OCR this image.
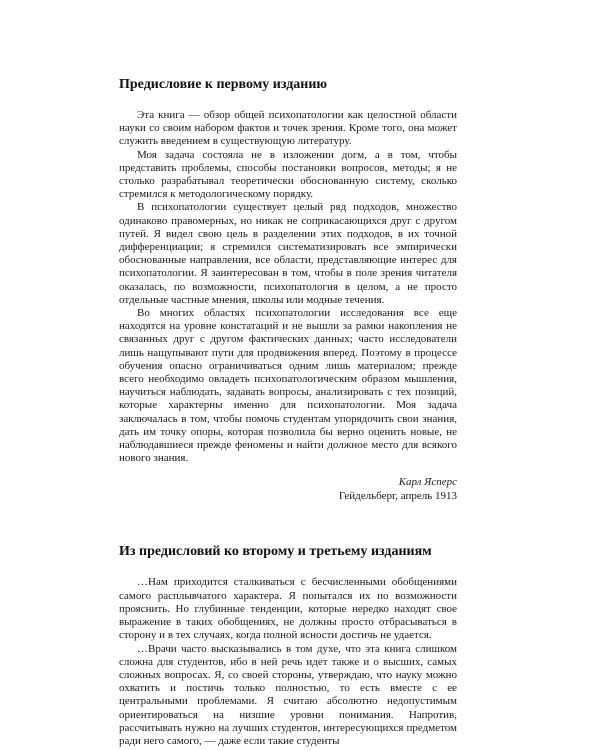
Предисловие к первому изданию

Эта книга — обзор общей психопатологии как целостной области науки со своим набором фактов и точек зрения. Кроме того, она может служить введением в существующую литературу.

Моя задача состояла не в изложении догм, а в том, чтобы представить проблемы, способы постановки вопросов, методы; я не столько разрабатывал теоретически обоснованную систему, сколько стремился к методологическому порядку.

В психопатологии существует целый ряд подходов, множество одинаково правомерных, но никак не соприкасающихся друг с другом путей. Я видел свою цель в разделении этих подходов, в их точной дифференциации; я стремился систематизировать все эмпирически обоснованные направления, все области, представляющие интерес для психопатологии. Я заинтересован в том, чтобы в поле зрения читателя оказалась, по возможности, психопатология в целом, а не просто отдельные частные мнения, школы или модные течения.

Во многих областях психопатологии исследования все еще находятся на уровне констатаций и не вышли за рамки накопления не связанных друг с другом фактических данных; часто исследователи лишь нащупывают пути для продвижения вперед. Поэтому в процессе обучения опасно ограничиваться одним лишь материалом; прежде всего необходимо овладеть психопатологическим образом мышления, научиться наблюдать, задавать вопросы, анализировать с тех позиций, которые характерны именно для психопатологии. Моя задача заключалась в том, чтобы помочь студентам упорядочить свои знания, дать им точку опоры, которая позволила бы верно оценить новые, не наблюдавшиеся прежде феномены и найти должное место для всякого нового знания.

Карл Ясперс
Гейдельберг, апрель 1913
Из предисловий ко второму и третьему изданиям

…Нам приходится сталкиваться с бесчисленными обобщениями самого расплывчатого характера. Я попытался их по возможности прояснить. Но глубинные тенденции, которые нередко находят свое выражение в таких обобщениях, не должны просто отбрасываться в сторону и в тех случаях, когда полной ясности достичь не удается.

…Врачи часто высказывались в том духе, что эта книга слишком сложна для студентов, ибо в ней речь идет также и о высших, самых сложных вопросах. Я, со своей стороны, утверждаю, что науку можно охватить и постичь только полностью, то есть вместе с ее центральными проблемами. Я считаю абсолютно недопустимым ориентироваться на низшие уровни понимания. Напротив, рассчитывать нужно на лучших студентов, интересующихся предметом ради него самого, — даже если такие студенты
